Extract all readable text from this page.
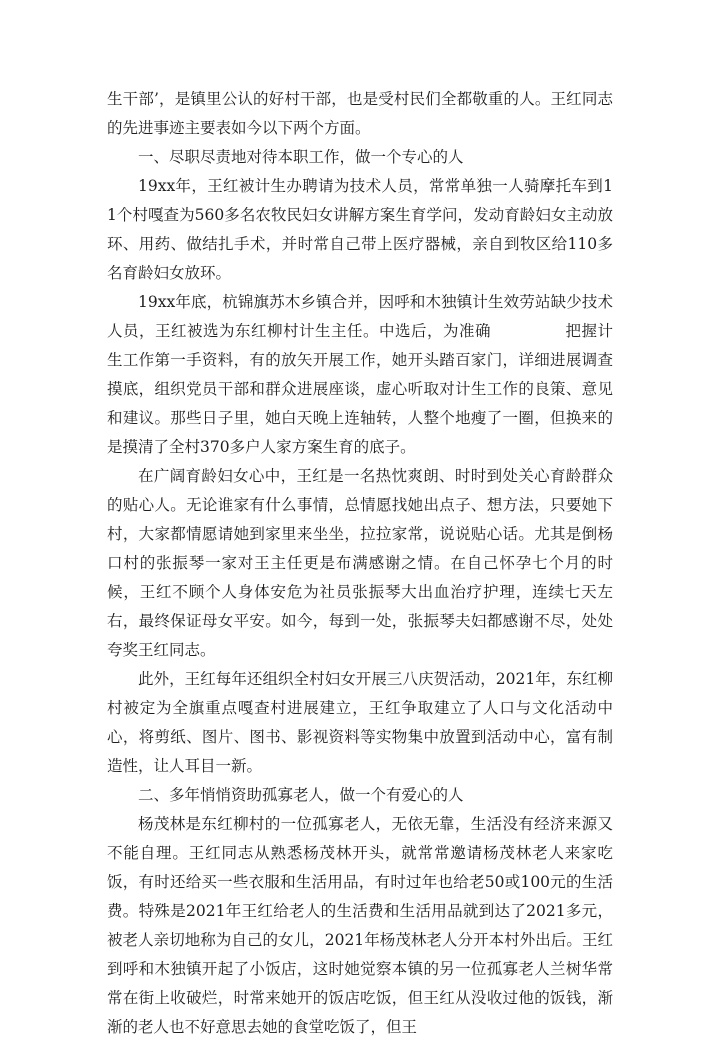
生干部’，是镇里公认的好村干部，也是受村民们全都敬重的人。王红同志的先进事迹主要表如今以下两个方面。

一、尽职尽责地对待本职工作，做一个专心的人

19xx年，王红被计生办聘请为技术人员，常常单独一人骑摩托车到11个村嘎查为560多名农牧民妇女讲解方案生育学问，发动育龄妇女主动放环、用药、做结扎手术，并时常自己带上医疗器械，亲自到牧区给110多名育龄妇女放环。

19xx年底，杭锦旗苏木乡镇合并，因呼和木独镇计生效劳站缺少技术人员，王红被选为东红柳村计生主任。中选后，为准确	把握计生工作第一手资料，有的放矢开展工作，她开头踏百家门，详细进展调查摸底，组织党员干部和群众进展座谈，虚心听取对计生工作的良策、意见和建议。那些日子里，她白天晚上连轴转，人整个地瘦了一圈，但换来的是摸清了全村370多户人家方案生育的底子。

在广阔育龄妇女心中，王红是一名热忱爽朗、时时到处关心育龄群众的贴心人。无论谁家有什么事情，总情愿找她出点子、想方法，只要她下村，大家都情愿请她到家里来坐坐，拉拉家常，说说贴心话。尤其是倒杨口村的张振琴一家对王主任更是布满感谢之情。在自己怀孕七个月的时候，王红不顾个人身体安危为社员张振琴大出血治疗护理，连续七天左右，最终保证母女平安。如今，每到一处，张振琴夫妇都感谢不尽，处处夸奖王红同志。

此外，王红每年还组织全村妇女开展三八庆贺活动，2021年，东红柳村被定为全旗重点嘎查村进展建立，王红争取建立了人口与文化活动中心，将剪纸、图片、图书、影视资料等实物集中放置到活动中心，富有制造性，让人耳目一新。

二、多年悄悄资助孤寡老人，做一个有爱心的人

杨茂林是东红柳村的一位孤寡老人，无依无靠，生活没有经济来源又不能自理。王红同志从熟悉杨茂林开头，就常常邀请杨茂林老人来家吃饭，有时还给买一些衣服和生活用品，有时过年也给老50或100元的生活费。特殊是2021年王红给老人的生活费和生活用品就到达了2021多元，被老人亲切地称为自己的女儿，2021年杨茂林老人分开本村外出后。王红到呼和木独镇开起了小饭店，这时她觉察本镇的另一位孤寡老人兰树华常常在街上收破烂，时常来她开的饭店吃饭，但王红从没收过他的饭钱，渐渐的老人也不好意思去她的食堂吃饭了，但王
